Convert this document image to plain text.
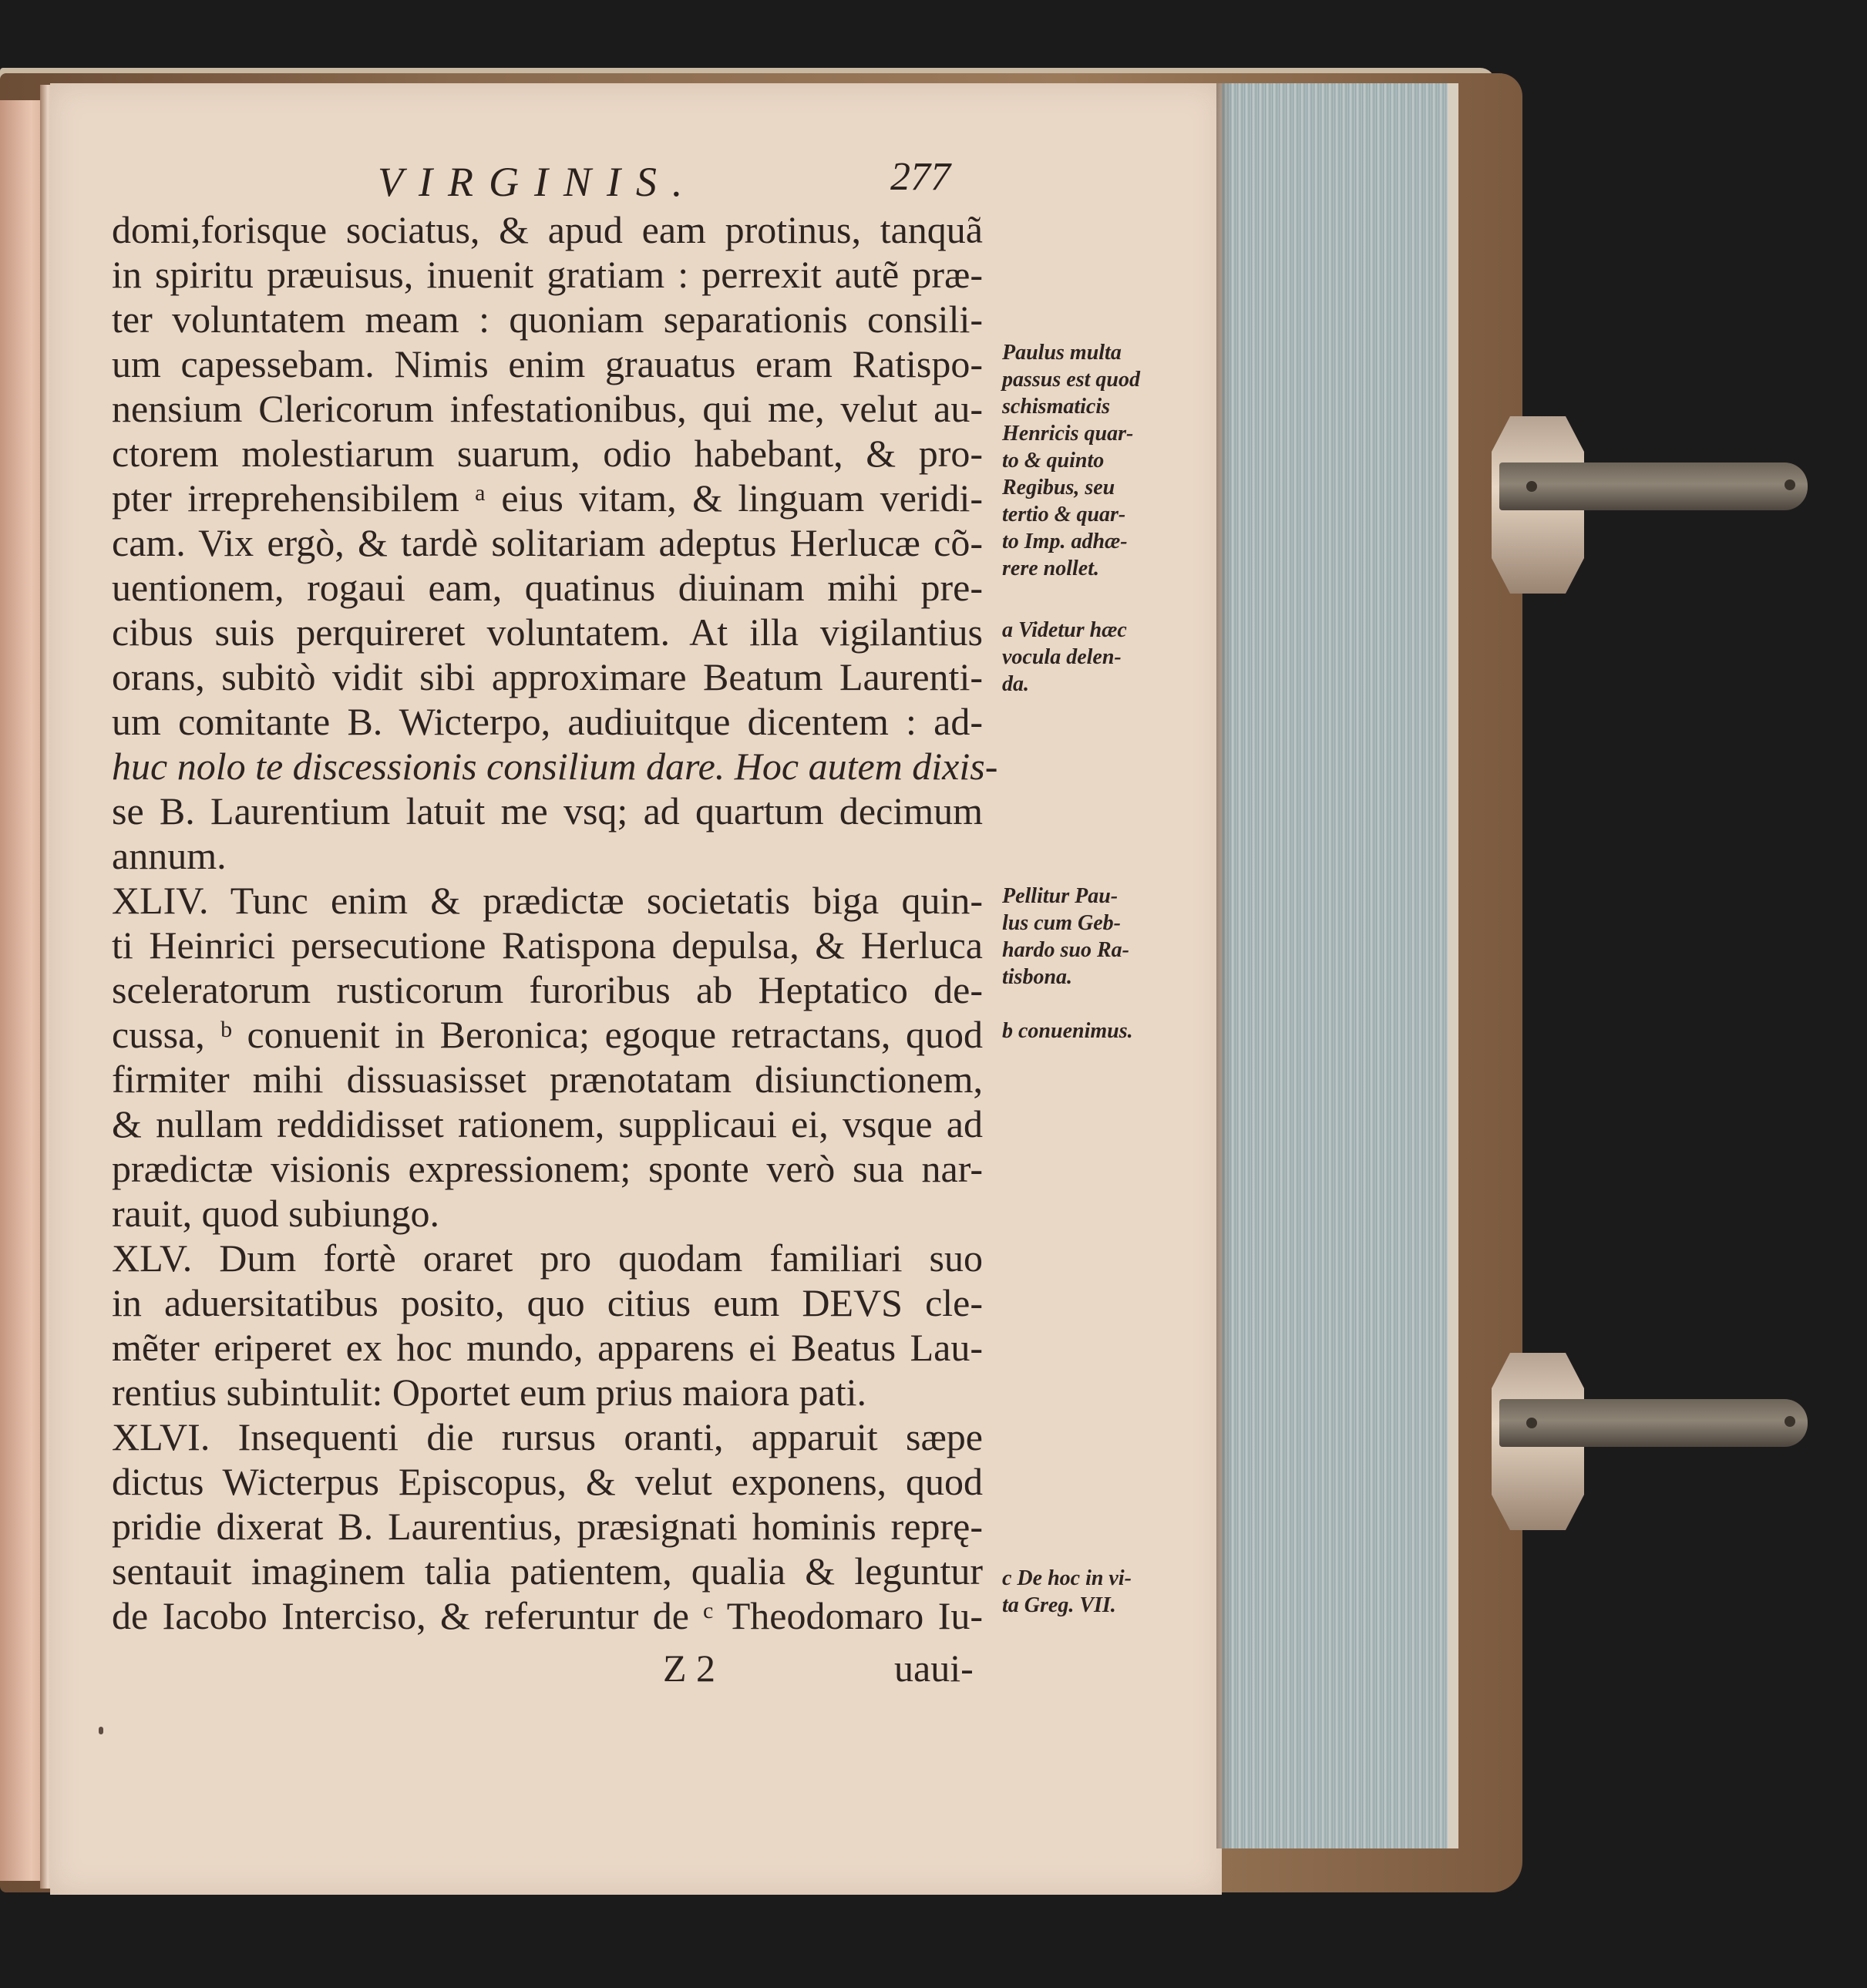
VIRGINIS.	277
domi,forisque sociatus, & apud eam protinus, tanquã
in spiritu præuisus, inuenit gratiam : perrexit autẽ præ-
ter voluntatem meam : quoniam separationis consili-
um capessebam. Nimis enim grauatus eram Ratispo-
nensium Clericorum infestationibus, qui me, velut au-
ctorem molestiarum suarum, odio habebant, & pro-
pter irreprehensibilem ᵃ eius vitam, & linguam veridi-
cam. Vix ergò, & tardè solitariam adeptus Herlucæ cõ-
uentionem, rogaui eam, quatinus diuinam mihi pre-
cibus suis perquireret voluntatem. At illa vigilantius
orans, subitò vidit sibi approximare Beatum Laurenti-
um comitante B. Wicterpo, audiuitque dicentem : ad-
huc nolo te discessionis consilium dare. Hoc autem dixis-
se B. Laurentium latuit me vsq; ad quartum decimum
annum.
XLIV. Tunc enim & prædictæ societatis biga quin-
ti Heinrici persecutione Ratispona depulsa, & Herluca
sceleratorum rusticorum furoribus ab Heptatico de-
cussa, ᵇ conuenit in Beronica; egoque retractans, quod
firmiter mihi dissuasisset prænotatam disiunctionem,
& nullam reddidisset rationem, supplicaui ei, vsque ad
prædictæ visionis expressionem; sponte verò sua nar-
rauit, quod subiungo.
XLV. Dum fortè oraret pro quodam familiari suo
in aduersitatibus posito, quo citius eum DEVS cle-
mẽter eriperet ex hoc mundo, apparens ei Beatus Lau-
rentius subintulit: Oportet eum prius maiora pati.
XLVI. Insequenti die rursus oranti, apparuit sæpe
dictus Wicterpus Episcopus, & velut exponens, quod
pridie dixerat B. Laurentius, præsignati hominis reprę-
sentauit imaginem talia patientem, qualia & leguntur
de Iacobo Interciso, & referuntur de ᶜ Theodomaro Iu-
Paulus multa
passus est quod
schismaticis
Henricis quar-
to & quinto
Regibus, seu
tertio & quar-
to Imp. adhæ-
rere nollet.
a Videtur hæc
vocula delen-
da.
Pellitur Pau-
lus cum Geb-
hardo suo Ra-
tisbona.
b conuenimus.
c De hoc in vi-
ta Greg. VII.
Z 2	uaui-
